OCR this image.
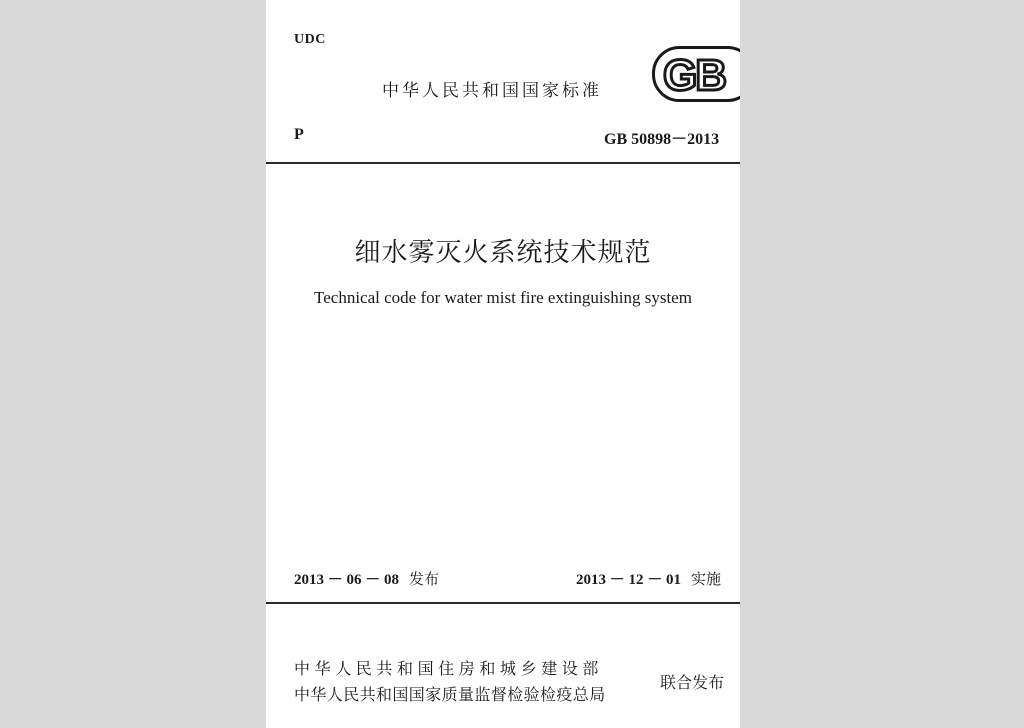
UDC
中华人民共和国国家标准 GB
P	GB 50898－2013
细水雾灭火系统技术规范
Technical code for water mist fire extinguishing system
2013 － 06 － 08 发布	2013 － 12 － 01 实施
中华人民共和国住房和城乡建设部
中华人民共和国国家质量监督检验检疫总局
联合发布
